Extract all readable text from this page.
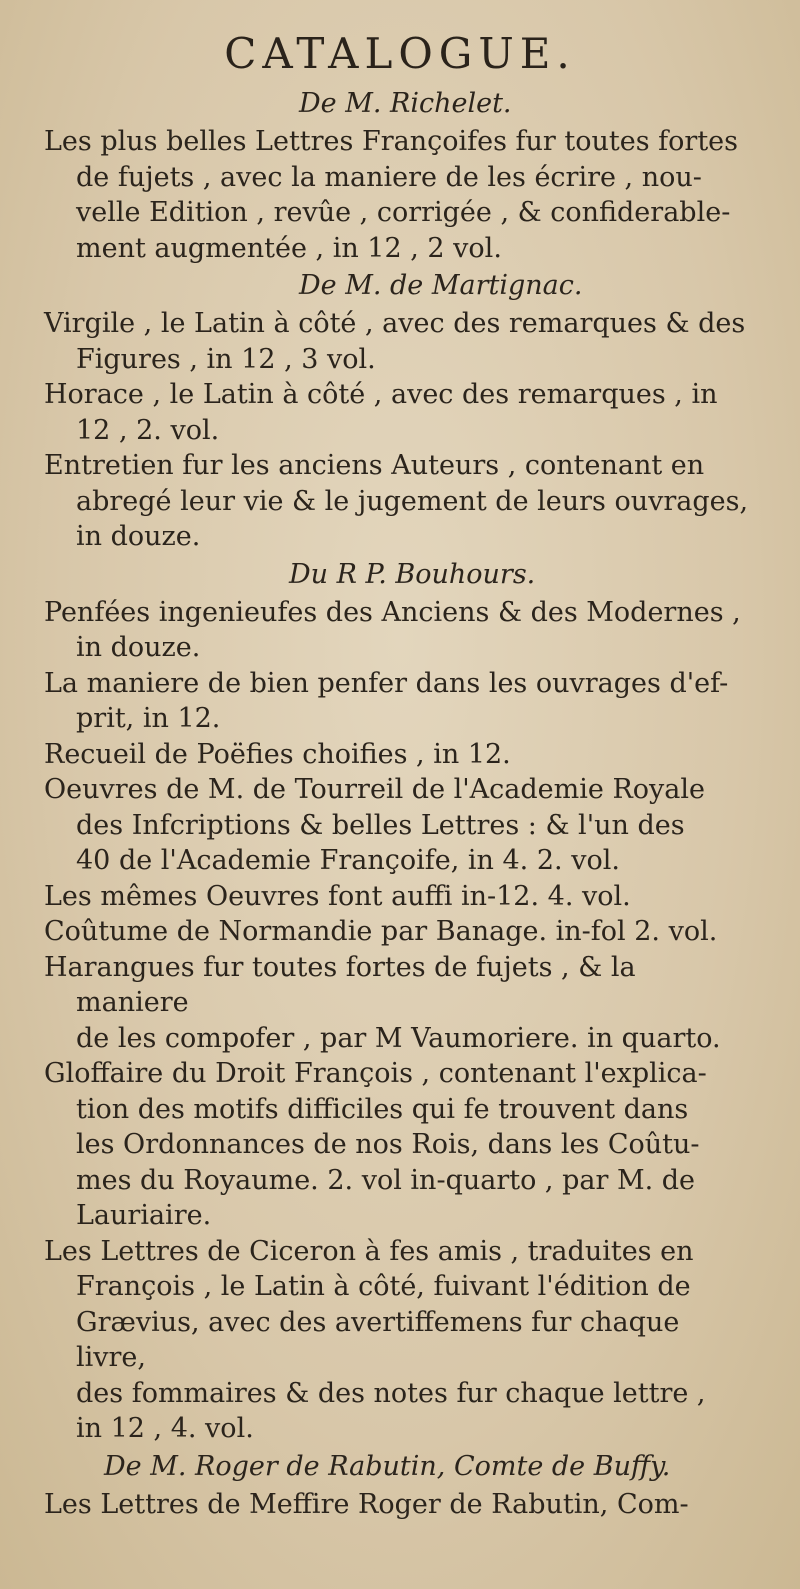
CATALOGUE.
De M. Richelet.
Les plus belles Lettres Françoifes fur toutes fortes
de fujets , avec la maniere de les écrire , nou-
velle Edition , revûe , corrigée , & confiderable-
ment augmentée , in 12 , 2 vol.
De M. de Martignac.
Virgile , le Latin à côté , avec des remarques & des
Figures , in 12 , 3 vol.
Horace , le Latin à côté , avec des remarques , in
12 , 2. vol.
Entretien fur les anciens Auteurs , contenant en
abregé leur vie & le jugement de leurs ouvrages,
in douze.
Du R P. Bouhours.
Penfées ingenieufes des Anciens & des Modernes ,
in douze.
La maniere de bien penfer dans les ouvrages d'ef-
prit, in 12.
Recueil de Poëfies choifies , in 12.
Oeuvres de M. de Tourreil de l'Academie Royale
des Infcriptions & belles Lettres : & l'un des
40 de l'Academie Françoife, in 4. 2. vol.
Les mêmes Oeuvres font auffi in-12. 4. vol.
Coûtume de Normandie par Banage. in-fol 2. vol.
Harangues fur toutes fortes de fujets , & la maniere
de les compofer , par M Vaumoriere. in quarto.
Gloffaire du Droit François , contenant l'explica-
tion des motifs difficiles qui fe trouvent dans
les Ordonnances de nos Rois, dans les Coûtu-
mes du Royaume. 2. vol in-quarto , par M. de
Lauriaire.
Les Lettres de Ciceron à fes amis , traduites en
François , le Latin à côté, fuivant l'édition de
Grævius, avec des avertiffemens fur chaque livre,
des fommaires & des notes fur chaque lettre ,
in 12 , 4. vol.
De M. Roger de Rabutin, Comte de Buffy.
Les Lettres de Meffire Roger de Rabutin, Com-
